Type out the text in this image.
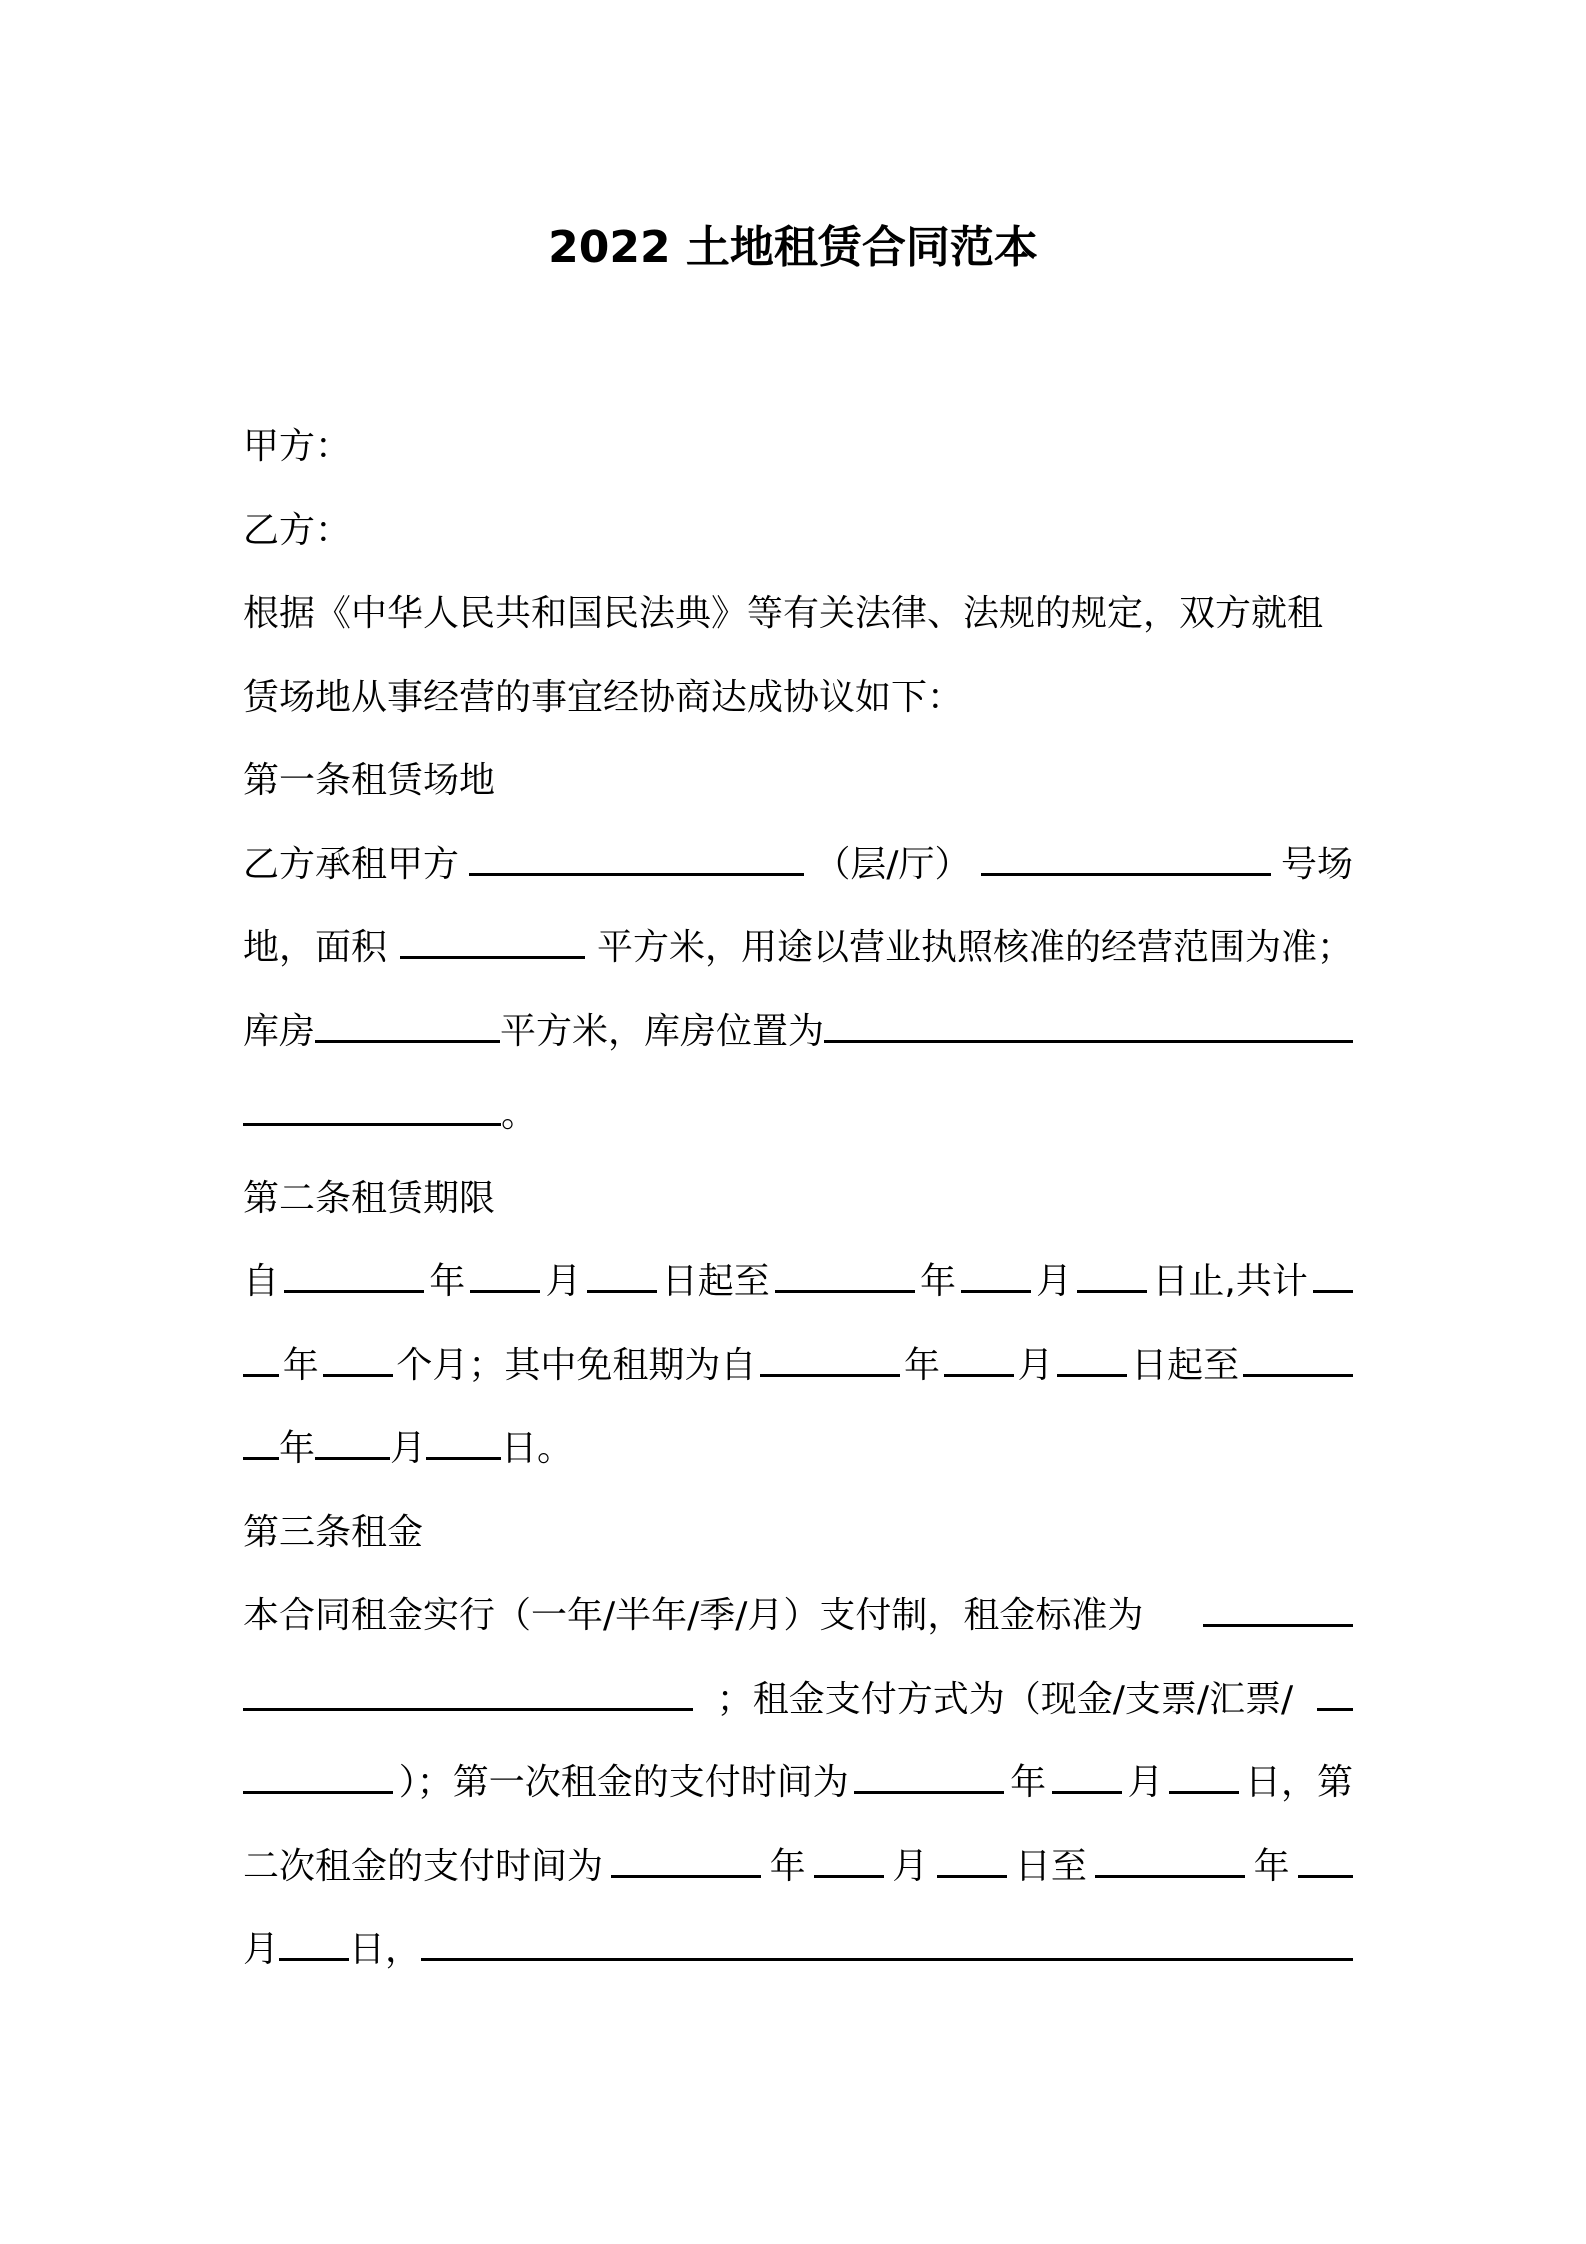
2022 土地租赁合同范本
甲方：
乙方：
根据《中华人民共和国民法典》等有关法律、法规的规定，双方就租
赁场地从事经营的事宜经协商达成协议如下：
第一条租赁场地
乙方承租甲方	（层/厅）	号场
地，面积	平方米，用途以营业执照核准的经营范围为准；
库房	平方米，库房位置为
。
第二条租赁期限
自	年 月 日起至	年 月 日止,共计
年 个月；其中免租期为自	年 月 日起至
年 月 日。
第三条租金
本合同租金实行（一年/半年/季/月）支付制，租金标准为
；租金支付方式为（现金/支票/汇票/
）；第一次租金的支付时间为	年 月 日，第
二次租金的支付时间为	年 月 日至	年
月 日，
